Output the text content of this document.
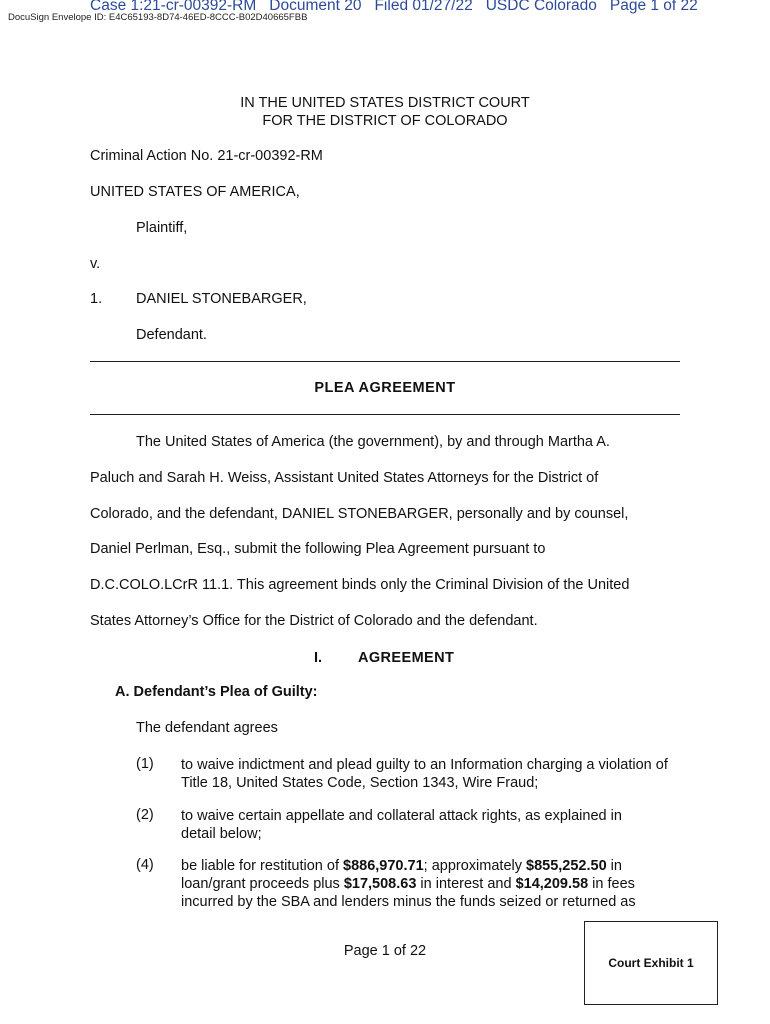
Case 1:21-cr-00392-RM Document 20 Filed 01/27/22 USDC Colorado Page 1 of 22
DocuSign Envelope ID: E4C65193-8D74-46ED-8CCC-B02D40665FBB
IN THE UNITED STATES DISTRICT COURT
FOR THE DISTRICT OF COLORADO
Criminal Action No. 21-cr-00392-RM
UNITED STATES OF AMERICA,
Plaintiff,
v.
1. DANIEL STONEBARGER,
Defendant.
PLEA AGREEMENT
The United States of America (the government), by and through Martha A.
Paluch and Sarah H. Weiss, Assistant United States Attorneys for the District of
Colorado, and the defendant, DANIEL STONEBARGER, personally and by counsel,
Daniel Perlman, Esq., submit the following Plea Agreement pursuant to
D.C.COLO.LCrR 11.1. This agreement binds only the Criminal Division of the United
States Attorney’s Office for the District of Colorado and the defendant.
I. AGREEMENT
A. Defendant’s Plea of Guilty:
The defendant agrees
(1) to waive indictment and plead guilty to an Information charging a violation of Title 18, United States Code, Section 1343, Wire Fraud;
(2) to waive certain appellate and collateral attack rights, as explained in detail below;
(4) be liable for restitution of $886,970.71; approximately $855,252.50 in loan/grant proceeds plus $17,508.63 in interest and $14,209.58 in fees incurred by the SBA and lenders minus the funds seized or returned as
Page 1 of 22
Court Exhibit 1
